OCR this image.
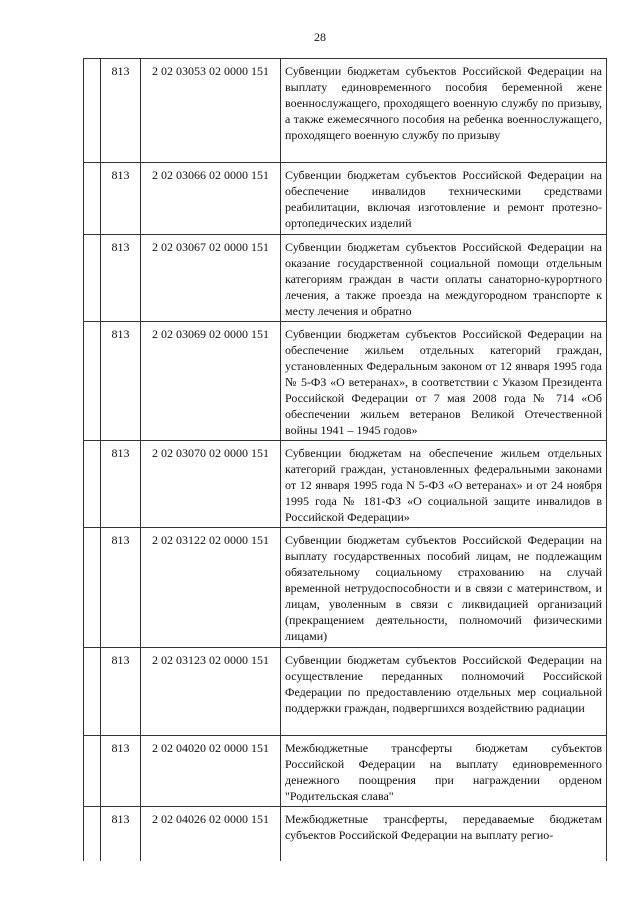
28
	813	2 02 03053 02 0000 151	Субвенции бюджетам субъектов Российской Федерации на выплату единовременного пособия беременной жене военнослужащего, проходящего военную службу по призыву, а также ежемесячного пособия на ребенка военнослужащего, проходящего военную службу по призыву
	813	2 02 03066 02 0000 151	Субвенции бюджетам субъектов Российской Федерации на обеспечение инвалидов техническими средствами реабилитации, включая изготовление и ремонт протезно-ортопедических изделий
	813	2 02 03067 02 0000 151	Субвенции бюджетам субъектов Российской Федерации на оказание государственной социальной помощи отдельным категориям граждан в части оплаты санаторно-курортного лечения, а также проезда на междугородном транспорте к месту лечения и обратно
	813	2 02 03069 02 0000 151	Субвенции бюджетам субъектов Российской Федерации на обеспечение жильем отдельных категорий граждан, установленных Федеральным законом от 12 января 1995 года № 5-ФЗ «О ветеранах», в соответствии с Указом Президента Российской Федерации от 7 мая 2008 года № 714 «Об обеспечении жильем ветеранов Великой Отечественной войны 1941 – 1945 годов»
	813	2 02 03070 02 0000 151	Субвенции бюджетам на обеспечение жильем отдельных категорий граждан, установленных федеральными законами от 12 января 1995 года N 5-ФЗ «О ветеранах» и от 24 ноября 1995 года № 181-ФЗ «О социальной защите инвалидов в Российской Федерации»
	813	2 02 03122 02 0000 151	Субвенции бюджетам субъектов Российской Федерации на выплату государственных пособий лицам, не подлежащим обязательному социальному страхованию на случай временной нетрудоспособности и в связи с материнством, и лицам, уволенным в связи с ликвидацией организаций (прекращением деятельности, полномочий физическими лицами)
	813	2 02 03123 02 0000 151	Субвенции бюджетам субъектов Российской Федерации на осуществление переданных полномочий Российской Федерации по предоставлению отдельных мер социальной поддержки граждан, подвергшихся воздействию радиации
	813	2 02 04020 02 0000 151	Межбюджетные трансферты бюджетам субъектов Российской Федерации на выплату единовременного денежного поощрения при награждении орденом "Родительская слава"
	813	2 02 04026 02 0000 151	Межбюджетные трансферты, передаваемые бюджетам субъектов Российской Федерации на выплату регио-
